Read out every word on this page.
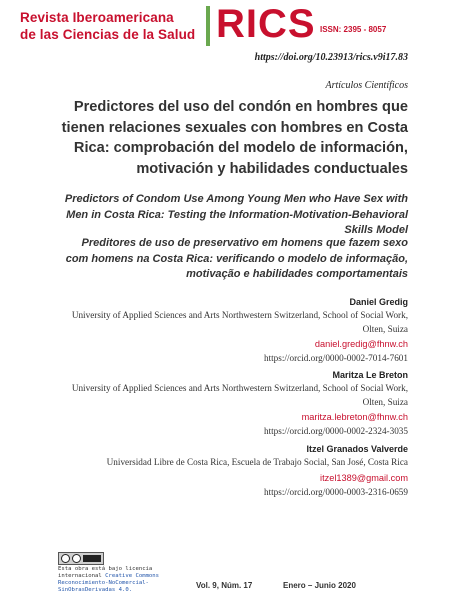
Revista Iberoamericana
de las Ciencias de la Salud RICS ISSN: 2395 - 8057
https://doi.org/10.23913/rics.v9i17.83
Artículos Científicos
Predictores del uso del condón en hombres que tienen relaciones sexuales con hombres en Costa Rica: comprobación del modelo de información, motivación y habilidades conductuales
Predictors of Condom Use Among Young Men who Have Sex with Men in Costa Rica: Testing the Information-Motivation-Behavioral Skills Model
Preditores de uso de preservativo em homens que fazem sexo com homens na Costa Rica: verificando o modelo de informação, motivação e habilidades comportamentais
Daniel Gredig
University of Applied Sciences and Arts Northwestern Switzerland, School of Social Work, Olten, Suiza
daniel.gredig@fhnw.ch
https://orcid.org/0000-0002-7014-7601
Maritza Le Breton
University of Applied Sciences and Arts Northwestern Switzerland, School of Social Work, Olten, Suiza
maritza.lebreton@fhnw.ch
https://orcid.org/0000-0002-2324-3035
Itzel Granados Valverde
Universidad Libre de Costa Rica, Escuela de Trabajo Social, San José, Costa Rica
itzel1389@gmail.com
https://orcid.org/0000-0003-2316-0659
Esta obra está bajo licencia internacional Creative Commons Reconocimiento-NoComercial-SinObrasDerivadas 4.0.	Vol. 9, Núm. 17	Enero – Junio 2020
